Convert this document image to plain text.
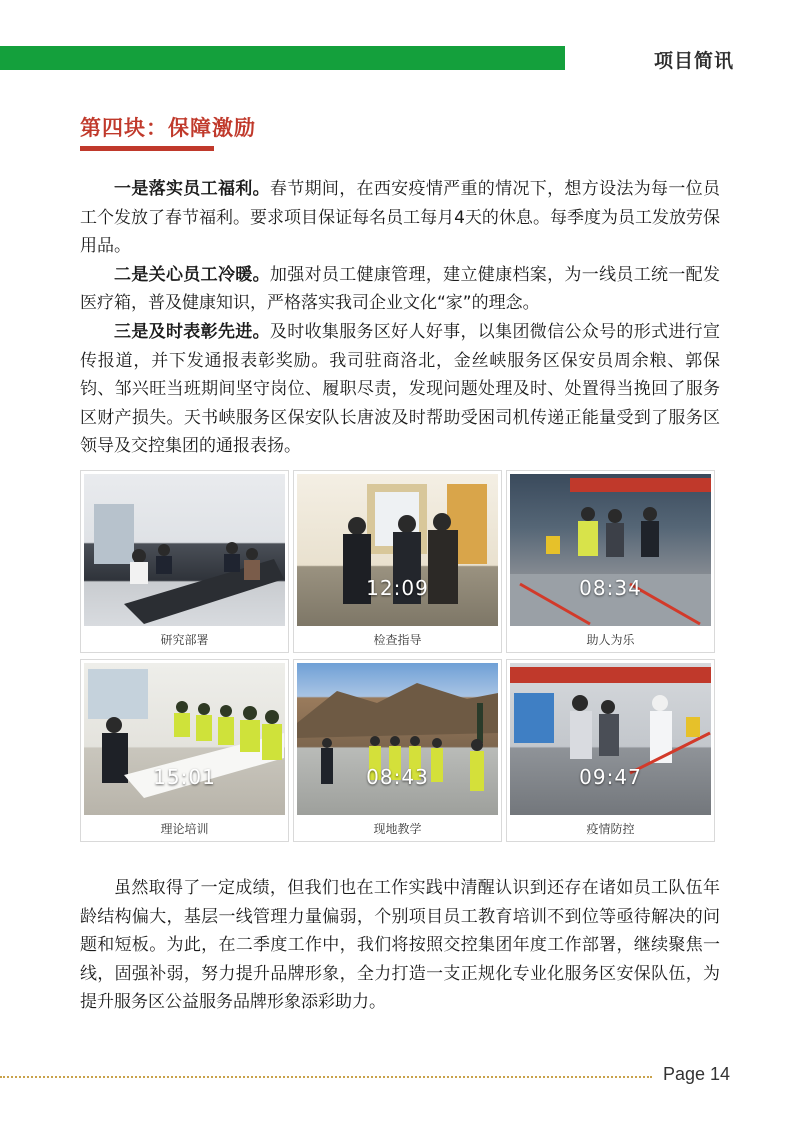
项目简讯
第四块：保障激励

一是落实员工福利。春节期间，在西安疫情严重的情况下，想方设法为每一位员工个发放了春节福利。要求项目保证每名员工每月4天的休息。每季度为员工发放劳保用品。

二是关心员工冷暖。加强对员工健康管理，建立健康档案，为一线员工统一配发医疗箱，普及健康知识，严格落实我司企业文化“家”的理念。

三是及时表彰先进。及时收集服务区好人好事，以集团微信公众号的形式进行宣传报道，并下发通报表彰奖励。我司驻商洛北，金丝峡服务区保安员周余粮、郭保钧、邹兴旺当班期间坚守岗位、履职尽责，发现问题处理及时、处置得当挽回了服务区财产损失。天书峡服务区保安队长唐波及时帮助受困司机传递正能量受到了服务区领导及交控集团的通报表扬。

研究部署
12:09
检查指导
08:34
助人为乐
15:01
理论培训
08:43
现地教学
09:47
疫情防控

虽然取得了一定成绩，但我们也在工作实践中清醒认识到还存在诸如员工队伍年龄结构偏大，基层一线管理力量偏弱，个别项目员工教育培训不到位等亟待解决的问题和短板。为此，在二季度工作中，我们将按照交控集团年度工作部署，继续聚焦一线，固强补弱，努力提升品牌形象，全力打造一支正规化专业化服务区安保队伍，为提升服务区公益服务品牌形象添彩助力。

Page 14
